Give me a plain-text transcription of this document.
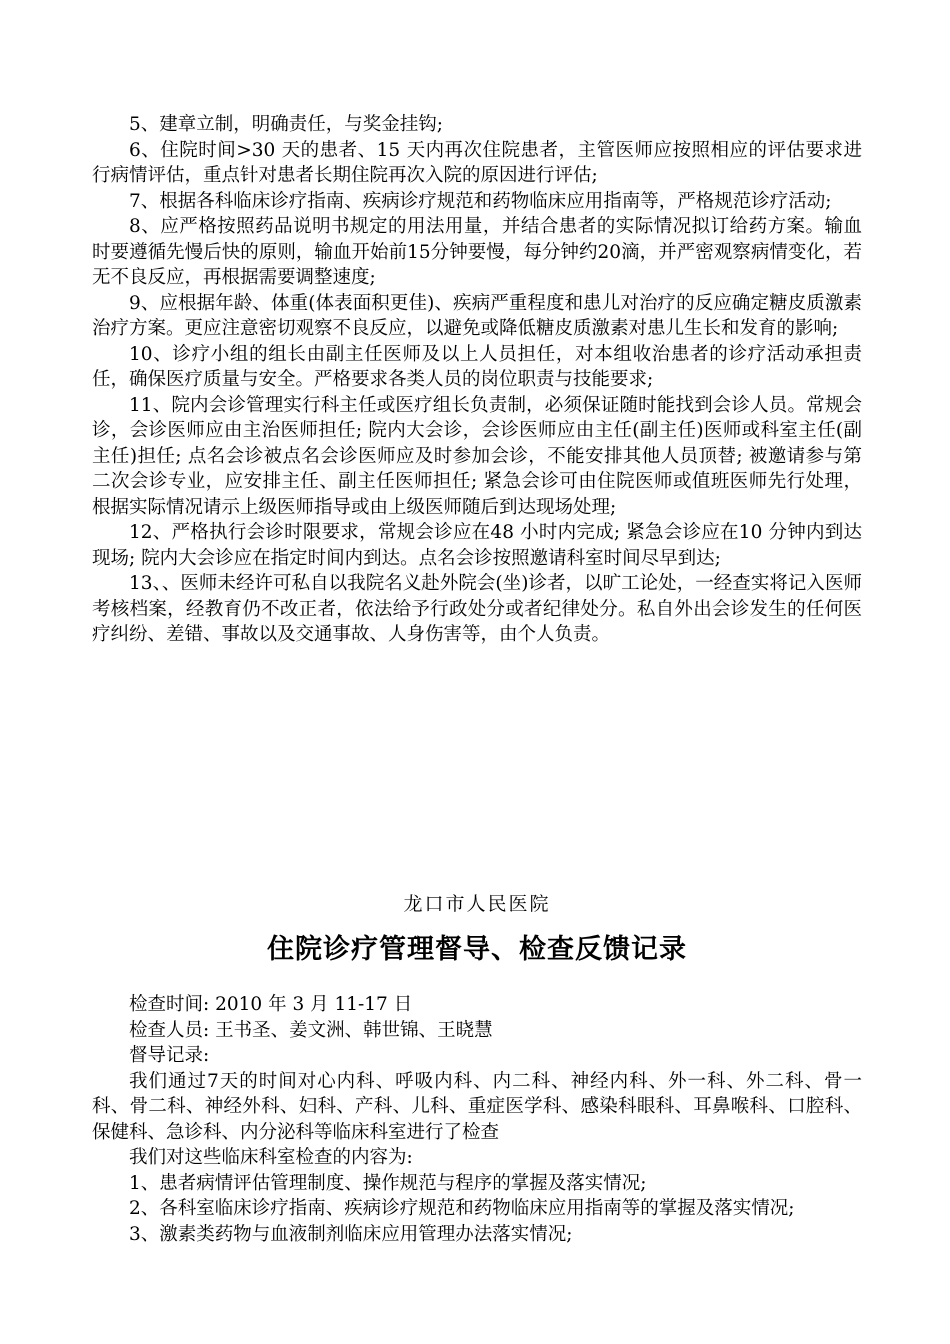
5、建章立制，明确责任，与奖金挂钩;

6、住院时间>30 天的患者、15 天内再次住院患者，主管医师应按照相应的评估要求进行病情评估，重点针对患者长期住院再次入院的原因进行评估;

7、根据各科临床诊疗指南、疾病诊疗规范和药物临床应用指南等，严格规范诊疗活动;

8、应严格按照药品说明书规定的用法用量，并结合患者的实际情况拟订给药方案。输血时要遵循先慢后快的原则，输血开始前15分钟要慢，每分钟约20滴，并严密观察病情变化，若无不良反应，再根据需要调整速度;

9、应根据年龄、体重(体表面积更佳)、疾病严重程度和患儿对治疗的反应确定糖皮质激素治疗方案。更应注意密切观察不良反应，以避免或降低糖皮质激素对患儿生长和发育的影响;

10、诊疗小组的组长由副主任医师及以上人员担任，对本组收治患者的诊疗活动承担责任，确保医疗质量与安全。严格要求各类人员的岗位职责与技能要求;

11、院内会诊管理实行科主任或医疗组长负责制，必须保证随时能找到会诊人员。常规会诊，会诊医师应由主治医师担任; 院内大会诊，会诊医师应由主任(副主任)医师或科室主任(副主任)担任; 点名会诊被点名会诊医师应及时参加会诊，不能安排其他人员顶替; 被邀请参与第二次会诊专业，应安排主任、副主任医师担任; 紧急会诊可由住院医师或值班医师先行处理，根据实际情况请示上级医师指导或由上级医师随后到达现场处理;

12、严格执行会诊时限要求，常规会诊应在48 小时内完成; 紧急会诊应在10 分钟内到达现场; 院内大会诊应在指定时间内到达。点名会诊按照邀请科室时间尽早到达;

13、、医师未经许可私自以我院名义赴外院会(坐)诊者，以旷工论处，一经查实将记入医师考核档案，经教育仍不改正者，依法给予行政处分或者纪律处分。私自外出会诊发生的任何医疗纠纷、差错、事故以及交通事故、人身伤害等，由个人负责。

龙口市人民医院
住院诊疗管理督导、检查反馈记录

检查时间: 2010 年 3 月 11-17 日

检查人员: 王书圣、姜文洲、韩世锦、王晓慧

督导记录:

我们通过7天的时间对心内科、呼吸内科、内二科、神经内科、外一科、外二科、骨一科、骨二科、神经外科、妇科、产科、儿科、重症医学科、感染科眼科、耳鼻喉科、口腔科、保健科、急诊科、内分泌科等临床科室进行了检查

我们对这些临床科室检查的内容为:

1、患者病情评估管理制度、操作规范与程序的掌握及落实情况;

2、各科室临床诊疗指南、疾病诊疗规范和药物临床应用指南等的掌握及落实情况;

3、激素类药物与血液制剂临床应用管理办法落实情况;
